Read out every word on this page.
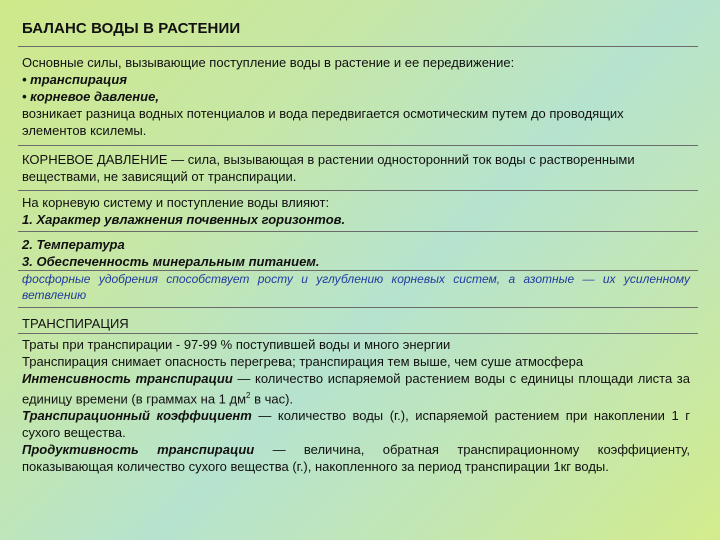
БАЛАНС ВОДЫ В РАСТЕНИИ

Основные силы, вызывающие поступление воды в растение и ее передвижение:

• транспирация

• корневое давление,

возникает разница водных потенциалов и вода передвигается осмотическим путем до проводящих элементов ксилемы.

КОРНЕВОЕ ДАВЛЕНИЕ — сила, вызывающая в растении односторонний ток воды с растворенными веществами, не зависящий от транспирации.

На корневую систему и поступление воды влияют:

1. Характер увлажнения почвенных горизонтов.

2. Температура

3. Обеспеченность минеральным питанием.

фосфорные удобрения способствует росту и углублению корневых систем, а азотные — их усиленному ветвлению

ТРАНСПИРАЦИЯ

Траты при транспирации - 97-99 % поступившей воды и много энергии

Транспирация снимает опасность перегрева; транспирация тем выше, чем суше атмосфера

Интенсивность транспирации — количество испаряемой растением воды с единицы площади листа за единицу времени (в граммах на 1 $дм^2$ в час).

Транспирационный коэффициент — количество воды (г.), испаряемой растением при накоплении 1 г сухого вещества.

Продуктивность транспирации — величина, обратная транспирационному коэффициенту, показывающая количество сухого вещества (г.), накопленного за период транспирации 1кг воды.
